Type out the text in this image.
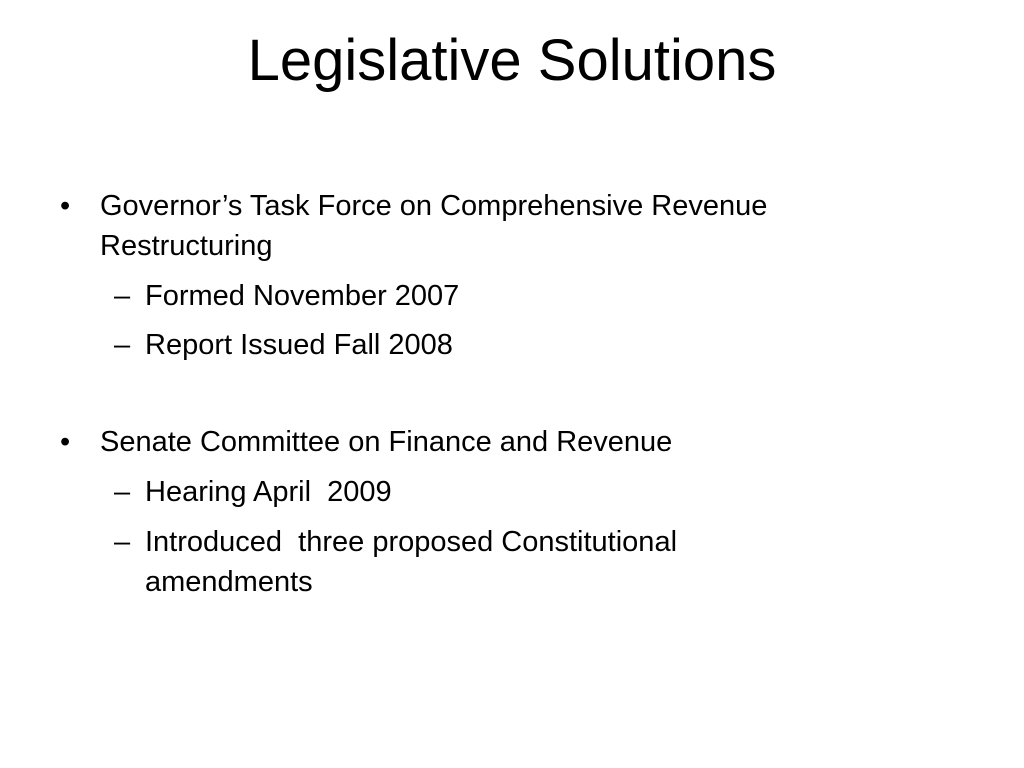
Legislative Solutions
• Governor’s Task Force on Comprehensive Revenue Restructuring
– Formed November 2007
– Report Issued Fall 2008
• Senate Committee on Finance and Revenue
– Hearing April  2009
– Introduced  three proposed Constitutional amendments
